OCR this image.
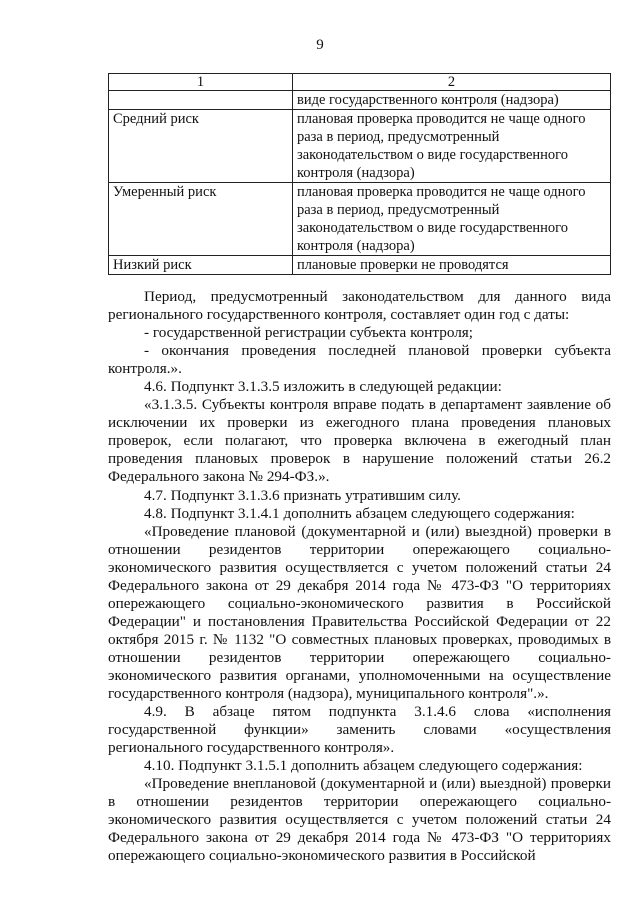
9
1	2
	виде государственного контроля (надзора)
Средний риск	плановая проверка проводится не чаще одного раза в период, предусмотренный законодательством о виде государственного контроля (надзора)
Умеренный риск	плановая проверка проводится не чаще одного раза в период, предусмотренный законодательством о виде государственного контроля (надзора)
Низкий риск	плановые проверки не проводятся

Период, предусмотренный законодательством для данного вида регионального государственного контроля, составляет один год с даты:

- государственной регистрации субъекта контроля;

- окончания проведения последней плановой проверки субъекта контроля.».

4.6. Подпункт 3.1.3.5 изложить в следующей редакции:

«3.1.3.5. Субъекты контроля вправе подать в департамент заявление об исключении их проверки из ежегодного плана проведения плановых проверок, если полагают, что проверка включена в ежегодный план проведения плановых проверок в нарушение положений статьи 26.2 Федерального закона № 294-ФЗ.».

4.7. Подпункт 3.1.3.6 признать утратившим силу.

4.8. Подпункт 3.1.4.1 дополнить абзацем следующего содержания:

«Проведение плановой (документарной и (или) выездной) проверки в отношении резидентов территории опережающего социально-экономического развития осуществляется с учетом положений статьи 24 Федерального закона от 29 декабря 2014 года № 473-ФЗ "О территориях опережающего социально-экономического развития в Российской Федерации" и постановления Правительства Российской Федерации от 22 октября 2015 г. № 1132 "О совместных плановых проверках, проводимых в отношении резидентов территории опережающего социально-экономического развития органами, уполномоченными на осуществление государственного контроля (надзора), муниципального контроля".».

4.9. В абзаце пятом подпункта 3.1.4.6 слова «исполнения государственной функции» заменить словами «осуществления регионального государственного контроля».

4.10. Подпункт 3.1.5.1 дополнить абзацем следующего содержания:

«Проведение внеплановой (документарной и (или) выездной) проверки в отношении резидентов территории опережающего социально-экономического развития осуществляется с учетом положений статьи 24 Федерального закона от 29 декабря 2014 года № 473-ФЗ "О территориях опережающего социально-экономического развития в Российской
